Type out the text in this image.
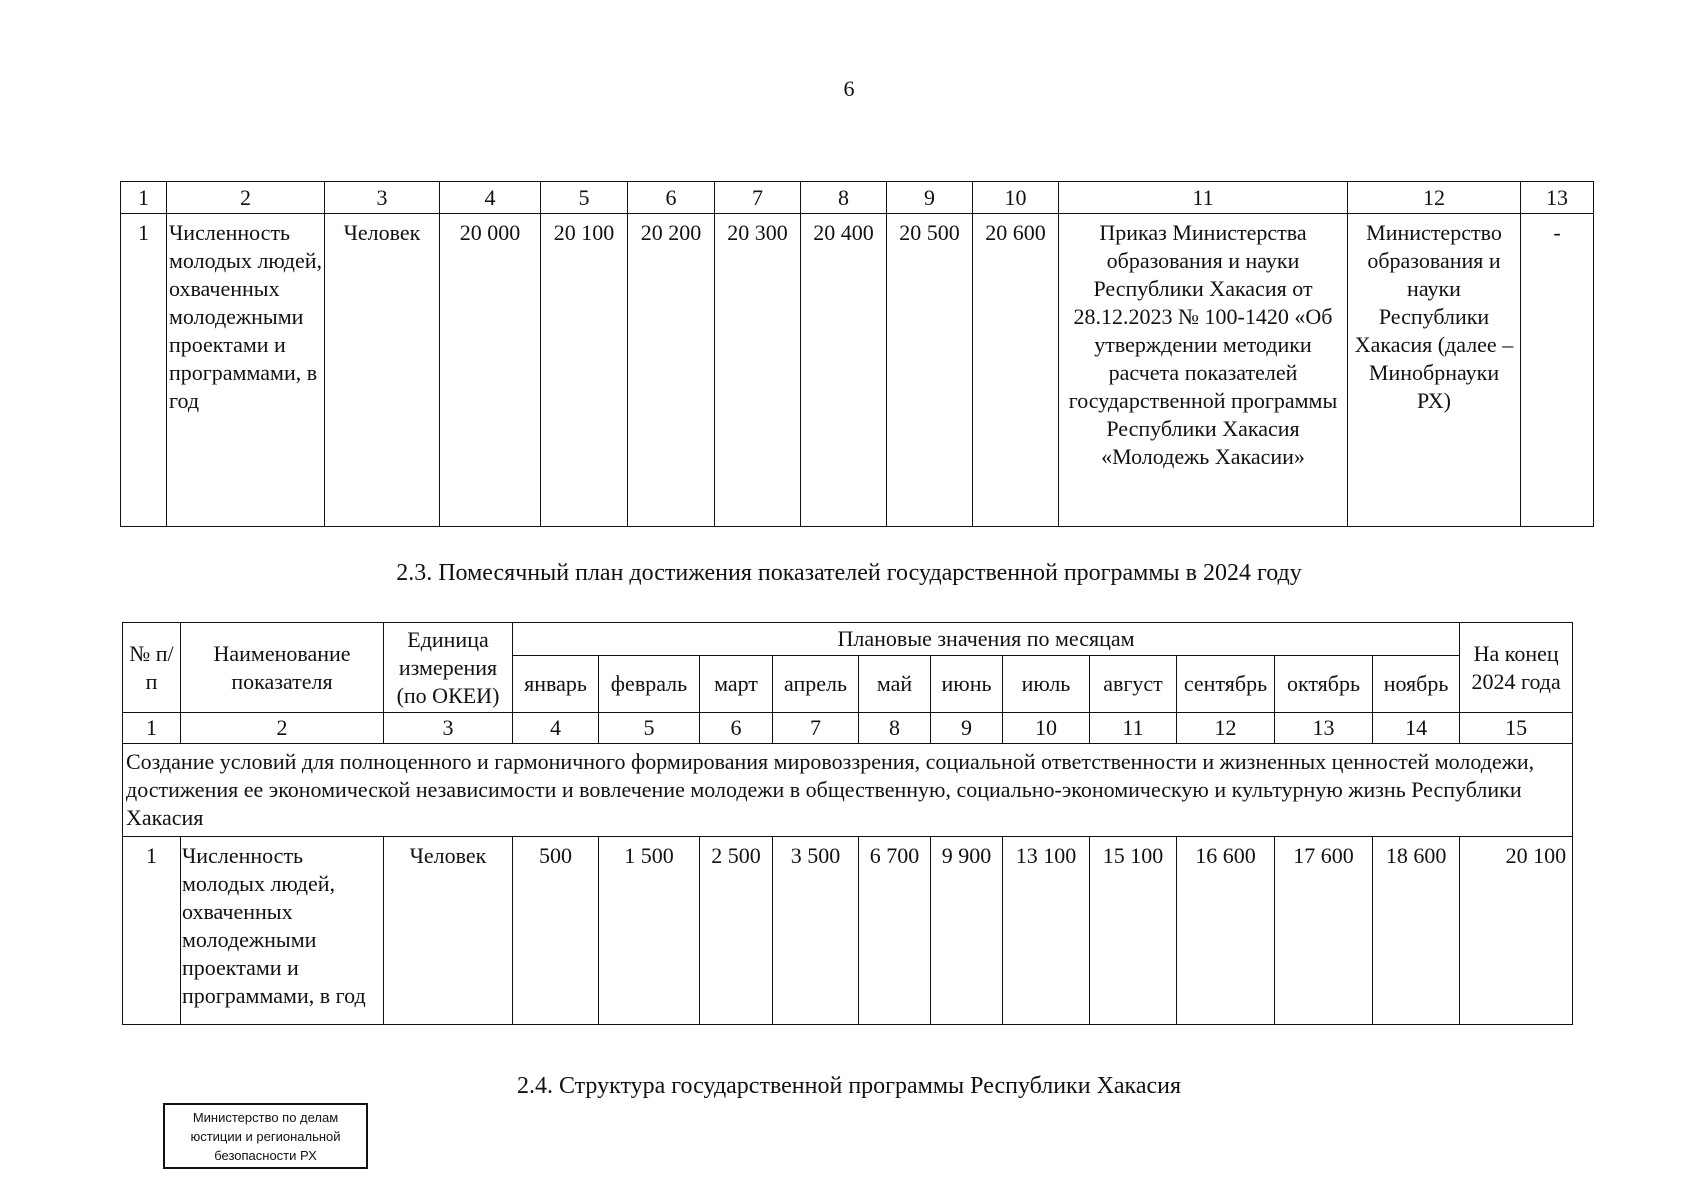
6
1	2	3	4	5	6	7	8	9	10	11	12	13
1	Численность молодых людей, охваченных молодежными проектами и программами, в год	Человек	20 000	20 100	20 200	20 300	20 400	20 500	20 600	Приказ Министерства образования и науки Республики Хакасия от 28.12.2023 № 100-1420 «Об утверждении методики расчета показателей государственной программы Республики Хакасия «Молодежь Хакасии»	Министерство образования и науки Республики Хакасия (далее – Минобрнауки РХ)	-
2.3. Помесячный план достижения показателей государственной программы в 2024 году
№ п/п	Наименование показателя	Единица измерения (по ОКЕИ)	Плановые значения по месяцам											На конец 2024 года
			январь	февраль	март	апрель	май	июнь	июль	август	сентябрь	октябрь	ноябрь	
1	2	3	4	5	6	7	8	9	10	11	12	13	14	15
Создание условий для полноценного и гармоничного формирования мировоззрения, социальной ответственности и жизненных ценностей молодежи, достижения ее экономической независимости и вовлечение молодежи в общественную, социально-экономическую и культурную жизнь Республики Хакасия														
1	Численность молодых людей, охваченных молодежными проектами и программами, в год	Человек	500	1 500	2 500	3 500	6 700	9 900	13 100	15 100	16 600	17 600	18 600	20 100
2.4. Структура государственной программы Республики Хакасия
Министерство по делам
юстиции и региональной
безопасности РХ
